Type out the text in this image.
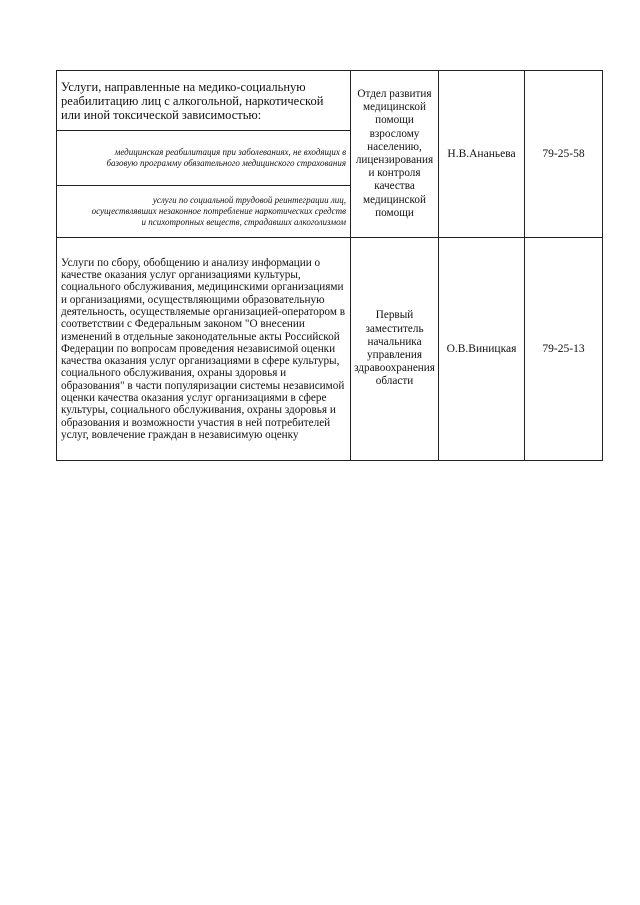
Услуги, направленные на медико-социальную реабилитацию лиц с алкогольной, наркотической или иной токсической зависимостью:	Отдел развития медицинской помощи взрослому населению, лицензирования и контроля качества медицинской помощи	Н.В.Ананьева	79-25-58

медицинская реабилитация при заболеваниях, не входящих в базовую программу обязательного медицинского страхования			

услуги по социальной трудовой реинтеграции лиц, осуществлявших незаконное потребление наркотических средств и психотропных веществ, страдавших алкоголизмом			

Услуги по сбору, обобщению и анализу информации о качестве оказания услуг организациями культуры, социального обслуживания, медицинскими организациями и организациями, осуществляющими образовательную деятельность, осуществляемые организацией-оператором в соответствии с Федеральным законом "О внесении изменений в отдельные законодательные акты Российской Федерации по вопросам проведения независимой оценки качества оказания услуг организациями в сфере культуры, социального обслуживания, охраны здоровья и образования" в части популяризации системы независимой оценки качества оказания услуг организациями в сфере культуры, социального обслуживания, охраны здоровья и образования и возможности участия в ней потребителей услуг, вовлечение граждан в независимую оценку	Первый заместитель начальника управления здравоохранения области	О.В.Виницкая	79-25-13
